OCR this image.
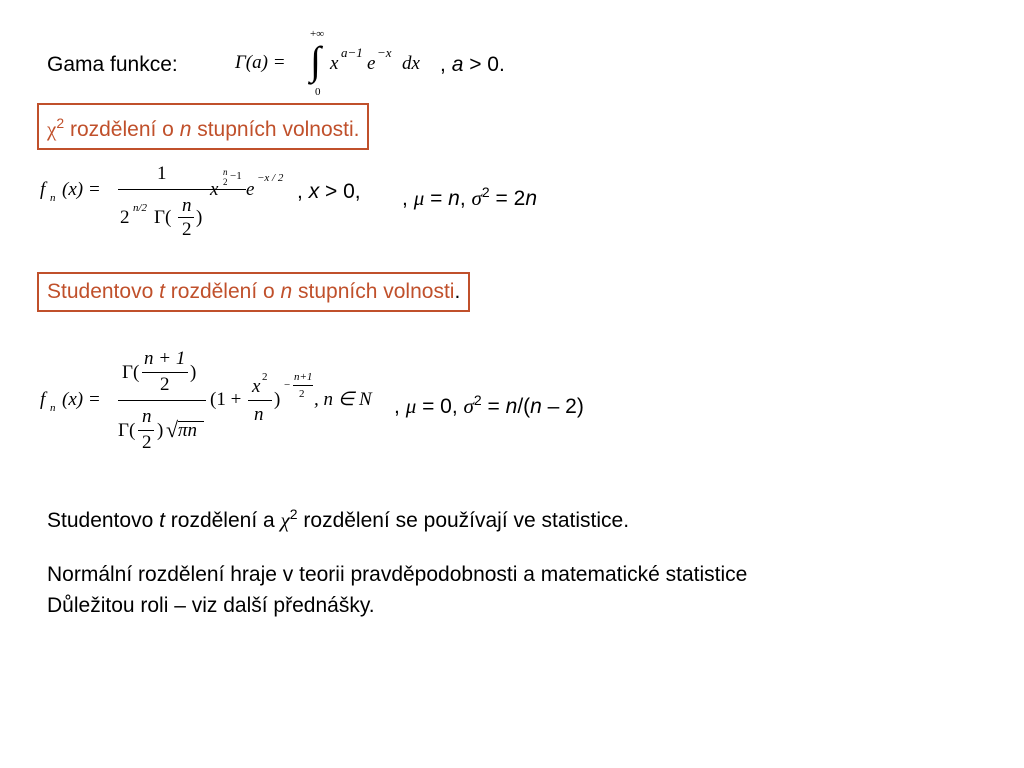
Gama funkce:	Γ(a) =
+∞
∫
0
x
a−1
e
−x
dx , a > 0.
$\chi^2$ rozdělení o n stupních volnosti.
f n (x) =
1
2 n/2 Γ(
n
2
)
x
n
2 −1
e
−x / 2
, x > 0, , μ = n, $\sigma^2 = 2n$
Studentovo t rozdělení o n stupních volnosti.
f n (x) =
Γ(
n + 1
2
)
Γ(
n
2
) √ πn
(1 +
x 2
n
)
−
n+1
2 , n ∈ N , μ = 0, $\sigma^2 = n/(n - 2)$
Studentovo t rozdělení a $\chi^2$ rozdělení se používají ve statistice.
Normální rozdělení hraje v teorii pravděpodobnosti a matematické statistice
Důležitou roli – viz další přednášky.
